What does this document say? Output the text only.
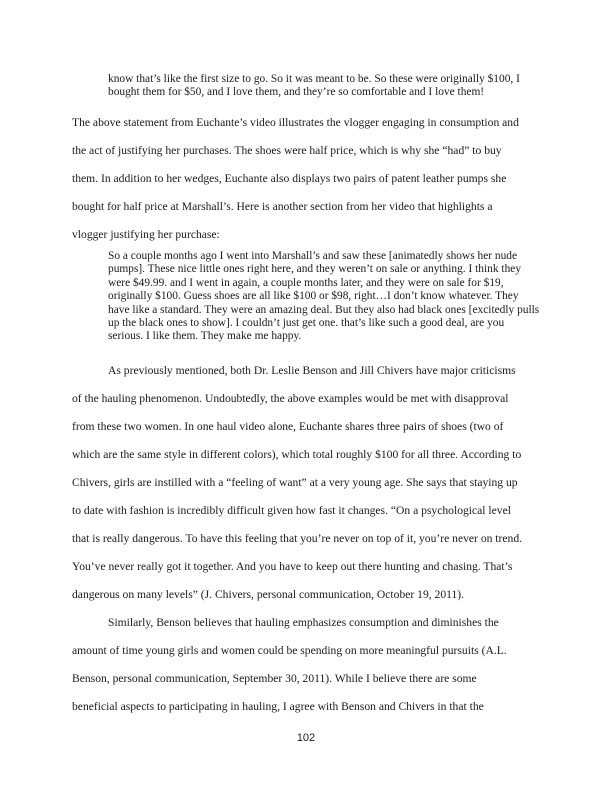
know that’s like the first size to go. So it was meant to be. So these were originally $100, I bought them for $50, and I love them, and they’re so comfortable and I love them!

The above statement from Euchante’s video illustrates the vlogger engaging in consumption and

the act of justifying her purchases. The shoes were half price, which is why she “had” to buy

them. In addition to her wedges, Euchante also displays two pairs of patent leather pumps she

bought for half price at Marshall’s. Here is another section from her video that highlights a

vlogger justifying her purchase:

So a couple months ago I went into Marshall’s and saw these [animatedly shows her nude pumps]. These nice little ones right here, and they weren’t on sale or anything. I think they were $49.99. and I went in again, a couple months later, and they were on sale for $19, originally $100. Guess shoes are all like $100 or $98, right…I don’t know whatever. They have like a standard. They were an amazing deal. But they also had black ones [excitedly pulls up the black ones to show]. I couldn’t just get one. that’s like such a good deal, are you serious. I like them. They make me happy.

As previously mentioned, both Dr. Leslie Benson and Jill Chivers have major criticisms

of the hauling phenomenon. Undoubtedly, the above examples would be met with disapproval

from these two women. In one haul video alone, Euchante shares three pairs of shoes (two of

which are the same style in different colors), which total roughly $100 for all three. According to

Chivers, girls are instilled with a “feeling of want” at a very young age. She says that staying up

to date with fashion is incredibly difficult given how fast it changes. “On a psychological level

that is really dangerous. To have this feeling that you’re never on top of it, you’re never on trend.

You’ve never really got it together. And you have to keep out there hunting and chasing. That’s

dangerous on many levels” (J. Chivers, personal communication, October 19, 2011).

Similarly, Benson believes that hauling emphasizes consumption and diminishes the

amount of time young girls and women could be spending on more meaningful pursuits (A.L.

Benson, personal communication, September 30, 2011). While I believe there are some

beneficial aspects to participating in hauling, I agree with Benson and Chivers in that the

102
